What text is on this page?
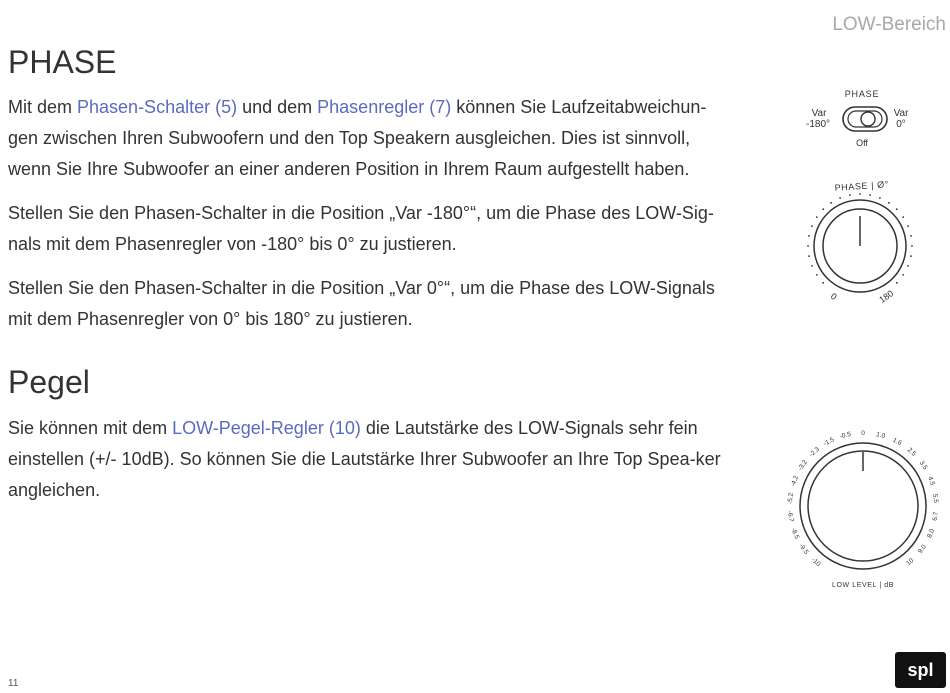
LOW-Bereich
PHASE

Mit dem Phasen-Schalter (5) und dem Phasenregler (7) können Sie Laufzeitabweichun-gen zwischen Ihren Subwoofern und den Top Speakern ausgleichen. Dies ist sinnvoll, wenn Sie Ihre Subwoofer an einer anderen Position in Ihrem Raum aufgestellt haben.

Stellen Sie den Phasen-Schalter in die Position „Var -180°“, um die Phase des LOW-Sig-nals mit dem Phasenregler von -180° bis 0° zu justieren.

Stellen Sie den Phasen-Schalter in die Position „Var 0°“, um die Phase des LOW-Signals mit dem Phasenregler von 0° bis 180° zu justieren.

Pegel

Sie können mit dem LOW-Pegel-Regler (10) die Lautstärke des LOW-Signals sehr fein einstellen (+/- 10dB). So können Sie die Lautstärke Ihrer Subwoofer an Ihre Top Spea-ker angleichen.

PHASE
Var
-180°
Var
0°
Off
PHASE | Ø°
0	180
-10
-9.5
-8.5
-6.7
-5.2
-4.2
-3.2
-2.3
-1.5
-0.5 0 1.0
1.6
2.5
3.5
4.5
5.5
6.7
8.0
9.0
10
LOW LEVEL | dB
11
spl
